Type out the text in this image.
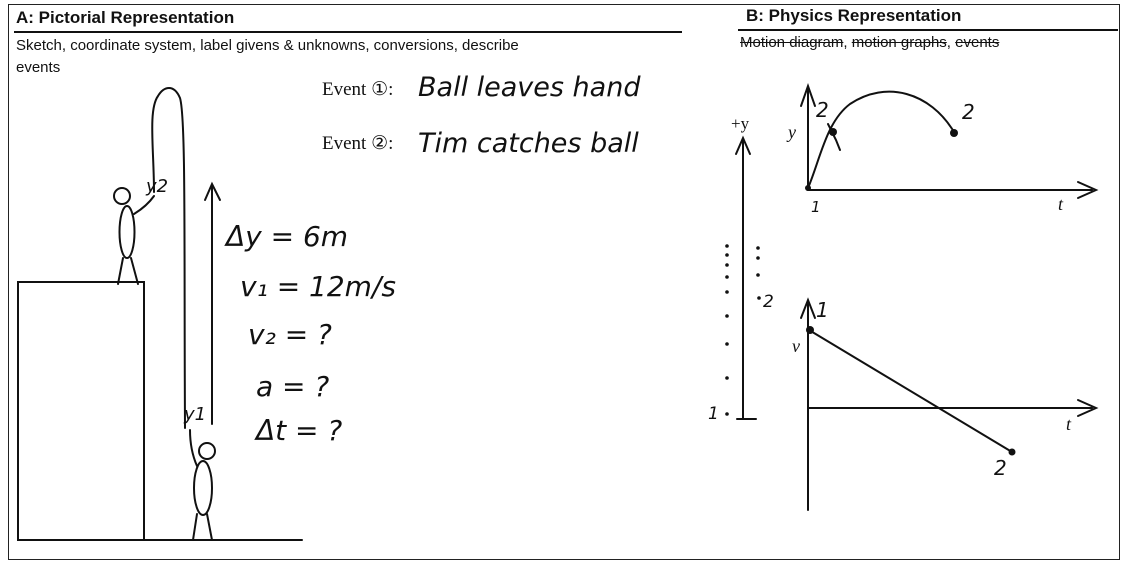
A: Pictorial Representation
Sketch, coordinate system, label givens & unknowns, conversions, describe
events
B: Physics Representation
Motion diagram, motion graphs, events
Event ①: Ball leaves hand
Event ②: Tim catches ball
y2
y1
Δy = 6m
v₁ = 12m/s
v₂ = ?
a = ?
Δt = ?
+y
1
2
y
t
1
2	2
v
t
1
2
